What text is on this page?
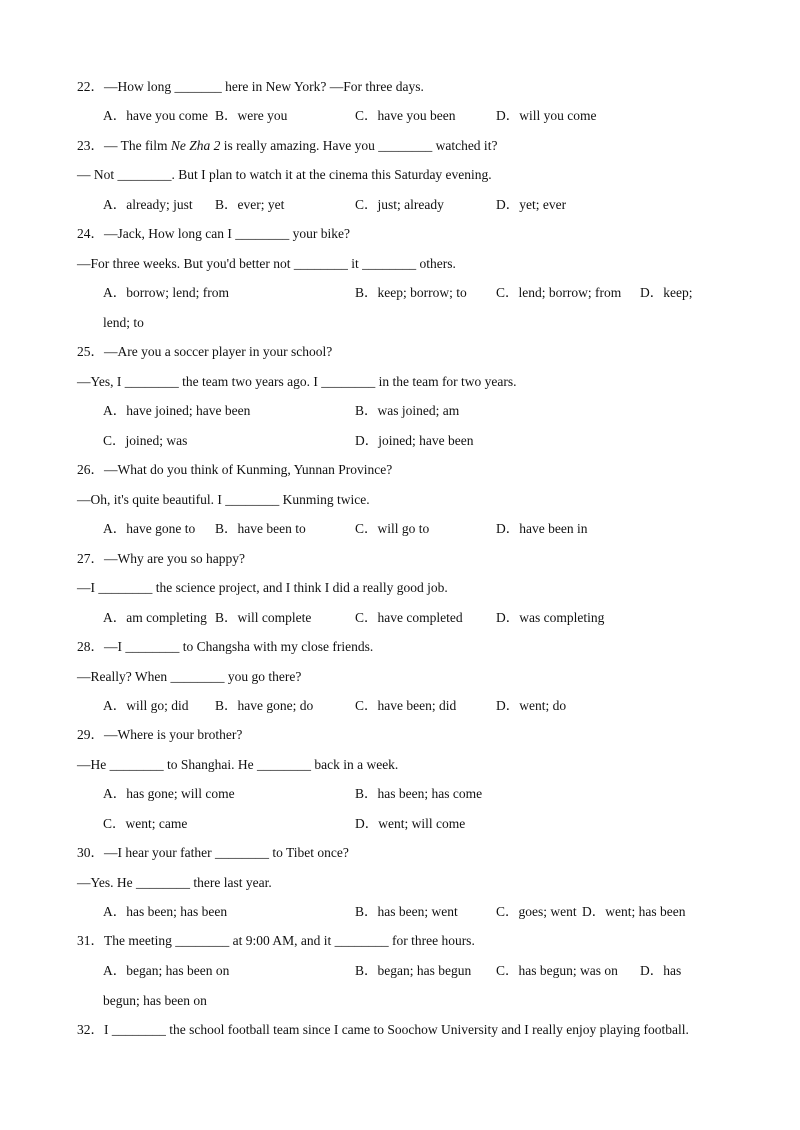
22．—How long _______ here in New York? —For three days.
A．have you come B．were you	C．have you been	D．will you come
23．— The film Ne Zha 2 is really amazing. Have you ________ watched it?
— Not ________. But I plan to watch it at the cinema this Saturday evening.
A．already; just B．ever; yet	C．just; already	D．yet; ever
24．—Jack, How long can I ________ your bike?
—For three weeks. But you'd better not ________ it ________ others.
A．borrow; lend; from	B．keep; borrow; to C．lend; borrow; from D．keep;
lend; to
25．—Are you a soccer player in your school?
—Yes, I ________ the team two years ago. I ________ in the team for two years.
A．have joined; have been	B．was joined; am
C．joined; was	D．joined; have been
26．—What do you think of Kunming, Yunnan Province?
—Oh, it's quite beautiful. I ________ Kunming twice.
A．have gone to B．have been to	C．will go to	D．have been in
27．—Why are you so happy?
—I ________ the science project, and I think I did a really good job.
A．am completing B．will complete	C．have completed D．was completing
28．—I ________ to Changsha with my close friends.
—Really? When ________ you go there?
A．will go; did B．have gone; do	C．have been; did	D．went; do
29．—Where is your brother?
—He ________ to Shanghai. He ________ back in a week.
A．has gone; will come	B．has been; has come
C．went; came	D．went; will come
30．—I hear your father ________ to Tibet once?
—Yes. He ________ there last year.
A．has been; has been	B．has been; went	C．goes; went D．went; has been
31．The meeting ________ at 9:00 AM, and it ________ for three hours.
A．began; has been on	B．began; has begun C．has begun; was on D．has
begun; has been on
32．I ________ the school football team since I came to Soochow University and I really enjoy playing football.
